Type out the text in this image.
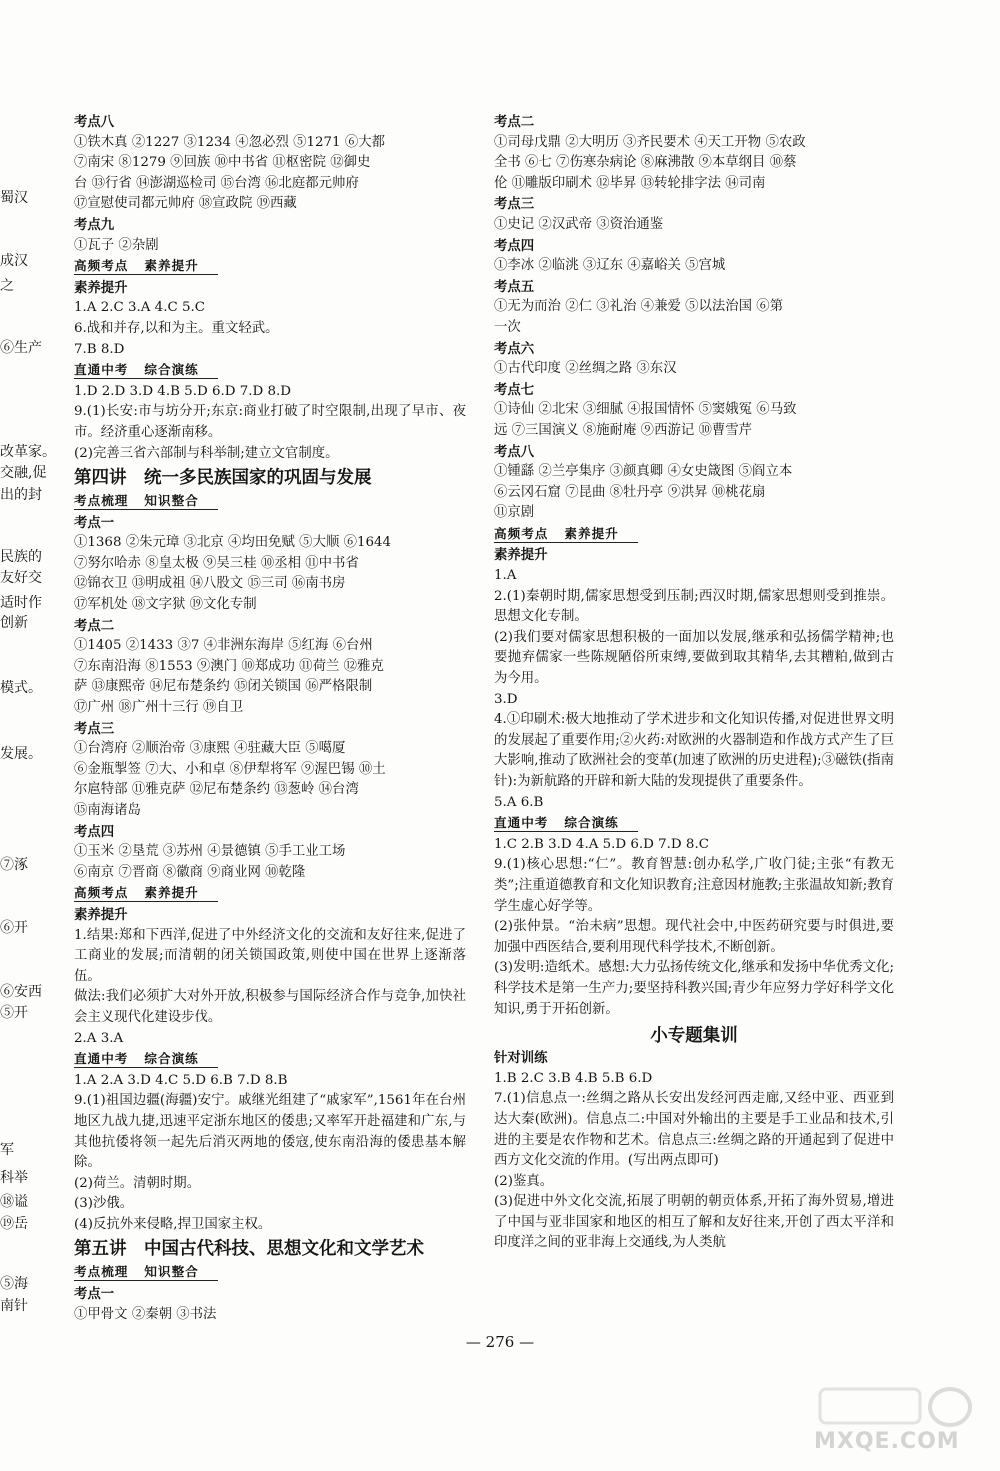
蜀汉
成汉
之
⑥生产
改革家。
交融,促
出的封
民族的
友好交
适时作
创新
模式。
发展。
⑦涿
⑥开
⑥安西
⑤开
军
科举
⑱谥
⑲岳
⑤海
南针
考点八
①铁木真 ②1227 ③1234 ④忽必烈 ⑤1271 ⑥大都
⑦南宋 ⑧1279 ⑨回族 ⑩中书省 ⑪枢密院 ⑫御史
台 ⑬行省 ⑭澎湖巡检司 ⑮台湾 ⑯北庭都元帅府
⑰宣慰使司都元帅府 ⑱宣政院 ⑲西藏
考点九
①瓦子 ②杂剧
高频考点 素养提升
素养提升
1.A 2.C 3.A 4.C 5.C
6.战和并存,以和为主。重文轻武。
7.B 8.D
直通中考 综合演练
1.D 2.D 3.D 4.B 5.D 6.D 7.D 8.D
9.(1)长安:市与坊分开;东京:商业打破了时空限制,出现了早市、夜市。经济重心逐渐南移。
(2)完善三省六部制与科举制;建立文官制度。
第四讲　统一多民族国家的巩固与发展
考点梳理 知识整合
考点一
①1368 ②朱元璋 ③北京 ④均田免赋 ⑤大顺 ⑥1644
⑦努尔哈赤 ⑧皇太极 ⑨吴三桂 ⑩丞相 ⑪中书省
⑫锦衣卫 ⑬明成祖 ⑭八股文 ⑮三司 ⑯南书房
⑰军机处 ⑱文字狱 ⑲文化专制
考点二
①1405 ②1433 ③7 ④非洲东海岸 ⑤红海 ⑥台州
⑦东南沿海 ⑧1553 ⑨澳门 ⑩郑成功 ⑪荷兰 ⑫雅克
萨 ⑬康熙帝 ⑭尼布楚条约 ⑮闭关锁国 ⑯严格限制
⑰广州 ⑱广州十三行 ⑲自卫
考点三
①台湾府 ②顺治帝 ③康熙 ④驻藏大臣 ⑤噶厦
⑥金瓶掣签 ⑦大、小和卓 ⑧伊犁将军 ⑨渥巴锡 ⑩土
尔扈特部 ⑪雅克萨 ⑫尼布楚条约 ⑬葱岭 ⑭台湾
⑮南海诸岛
考点四
①玉米 ②垦荒 ③苏州 ④景德镇 ⑤手工业工场
⑥南京 ⑦晋商 ⑧徽商 ⑨商业网 ⑩乾隆
高频考点 素养提升
素养提升
1.结果:郑和下西洋,促进了中外经济文化的交流和友好往来,促进了工商业的发展;而清朝的闭关锁国政策,则使中国在世界上逐渐落伍。
做法:我们必须扩大对外开放,积极参与国际经济合作与竞争,加快社会主义现代化建设步伐。
2.A 3.A
直通中考 综合演练
1.A 2.A 3.D 4.C 5.D 6.B 7.D 8.B
9.(1)祖国边疆(海疆)安宁。戚继光组建了“戚家军”,1561年在台州地区九战九捷,迅速平定浙东地区的倭患;又率军开赴福建和广东,与其他抗倭将领一起先后消灭两地的倭寇,使东南沿海的倭患基本解除。
(2)荷兰。清朝时期。
(3)沙俄。
(4)反抗外来侵略,捍卫国家主权。
第五讲　中国古代科技、思想文化和文学艺术
考点梳理 知识整合
考点一
①甲骨文 ②秦朝 ③书法
考点二
①司母戊鼎 ②大明历 ③齐民要术 ④天工开物 ⑤农政
全书 ⑥七 ⑦伤寒杂病论 ⑧麻沸散 ⑨本草纲目 ⑩蔡
伦 ⑪雕版印刷术 ⑫毕昇 ⑬转轮排字法 ⑭司南
考点三
①史记 ②汉武帝 ③资治通鉴
考点四
①李冰 ②临洮 ③辽东 ④嘉峪关 ⑤宫城
考点五
①无为而治 ②仁 ③礼治 ④兼爱 ⑤以法治国 ⑥第
一次
考点六
①古代印度 ②丝绸之路 ③东汉
考点七
①诗仙 ②北宋 ③细腻 ④报国情怀 ⑤窦娥冤 ⑥马致
远 ⑦三国演义 ⑧施耐庵 ⑨西游记 ⑩曹雪芹
考点八
①锺繇 ②兰亭集序 ③颜真卿 ④女史箴图 ⑤阎立本
⑥云冈石窟 ⑦昆曲 ⑧牡丹亭 ⑨洪昇 ⑩桃花扇
⑪京剧
高频考点 素养提升
素养提升
1.A
2.(1)秦朝时期,儒家思想受到压制;西汉时期,儒家思想则受到推崇。思想文化专制。
(2)我们要对儒家思想积极的一面加以发展,继承和弘扬儒学精神;也要抛弃儒家一些陈规陋俗所束缚,要做到取其精华,去其糟粕,做到古为今用。
3.D
4.①印刷术:极大地推动了学术进步和文化知识传播,对促进世界文明的发展起了重要作用;②火药:对欧洲的火器制造和作战方式产生了巨大影响,推动了欧洲社会的变革(加速了欧洲的历史进程);③磁铁(指南针):为新航路的开辟和新大陆的发现提供了重要条件。
5.A 6.B
直通中考 综合演练
1.C 2.B 3.D 4.A 5.D 6.D 7.D 8.C
9.(1)核心思想:“仁”。教育智慧:创办私学,广收门徒;主张“有教无类”;注重道德教育和文化知识教育;注意因材施教;主张温故知新;教育学生虚心好学等。
(2)张仲景。“治未病”思想。现代社会中,中医药研究要与时俱进,要加强中西医结合,要利用现代科学技术,不断创新。
(3)发明:造纸术。感想:大力弘扬传统文化,继承和发扬中华优秀文化;科学技术是第一生产力;要坚持科教兴国;青少年应努力学好科学文化知识,勇于开拓创新。
小专题集训
针对训练
1.B 2.C 3.B 4.B 5.B 6.D
7.(1)信息点一:丝绸之路从长安出发经河西走廊,又经中亚、西亚到达大秦(欧洲)。信息点二:中国对外输出的主要是手工业品和技术,引进的主要是农作物和艺术。信息点三:丝绸之路的开通起到了促进中西方文化交流的作用。(写出两点即可)
(2)鉴真。
(3)促进中外文化交流,拓展了明朝的朝贡体系,开拓了海外贸易,增进了中国与亚非国家和地区的相互了解和友好往来,开创了西太平洋和印度洋之间的亚非海上交通线,为人类航
— 276 —
MXQE.COM
